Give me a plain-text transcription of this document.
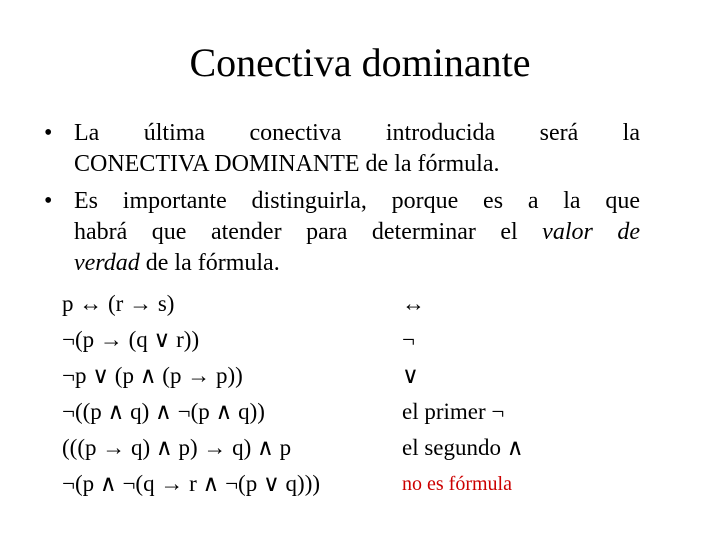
Conectiva dominante
• La última conectiva introducida será la
CONECTIVA DOMINANTE de la fórmula.
• Es importante distinguirla, porque es a la que
habrá que atender para determinar el valor de
verdad de la fórmula.
p ↔ (r → s)	↔
¬(p → (q ∨ r))	¬
¬p ∨ (p ∧ (p → p))	∨
¬((p ∧ q) ∧ ¬(p ∧ q))	el primer ¬
(((p → q) ∧ p) → q) ∧ p	el segundo ∧
¬(p ∧ ¬(q → r ∧ ¬(p ∨ q)))	no es fórmula
